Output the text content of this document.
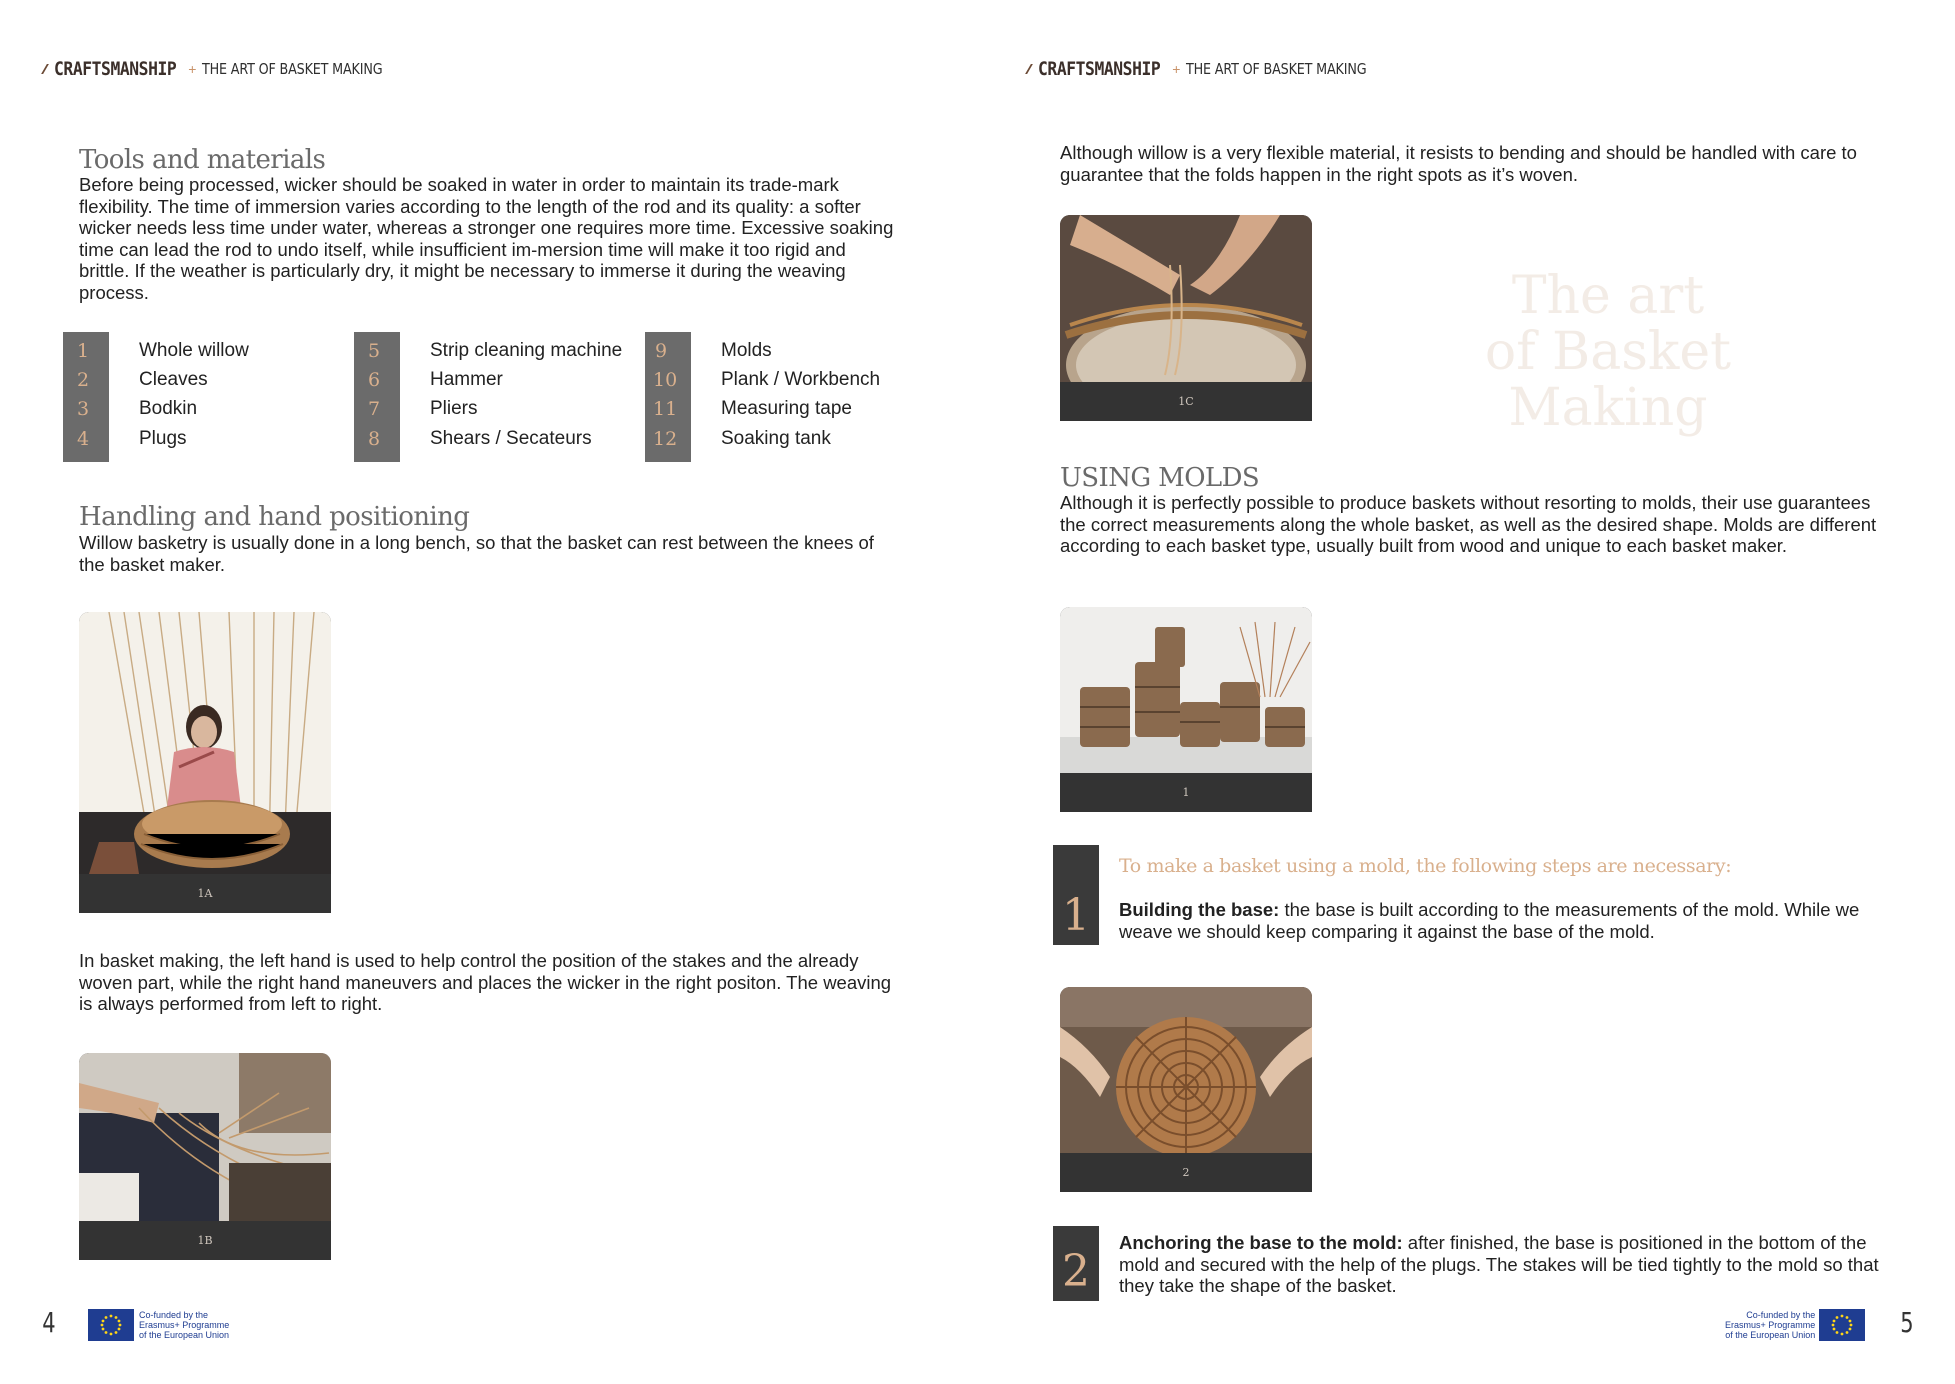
CRAFTSMANSHIP + THE ART OF BASKET MAKING
Tools and materials

Before being processed, wicker should be soaked in water in order to maintain its trade-mark flexibility. The time of immersion varies according to the length of the rod and its quality: a softer wicker needs less time under water, whereas a stronger one requires more time. Excessive soaking time can lead the rod to undo itself, while insufficient im-mersion time will make it too rigid and brittle. If the weather is particularly dry, it might be necessary to immerse it during the weaving process.

1	Whole willow
2	Cleaves
3	Bodkin
4	Plugs
5	Strip cleaning machine
6	Hammer
7	Pliers
8	Shears / Secateurs
9	Molds
10 Plank / Workbench
11 Measuring tape
12 Soaking tank
Handling and hand positioning

Willow basketry is usually done in a long bench, so that the basket can rest between the knees of the basket maker.

1A

In basket making, the left hand is used to help control the position of the stakes and the already woven part, while the right hand maneuvers and places the wicker in the right positon. The weaving is always performed from left to right.

1B
4	Co-funded by the
Erasmus+ Programme
of the European Union
CRAFTSMANSHIP + THE ART OF BASKET MAKING

Although willow is a very flexible material, it resists to bending and should be handled with care to guarantee that the folds happen in the right spots as it’s woven.

1C
The art
of Basket Making
USING MOLDS

Although it is perfectly possible to produce baskets without resorting to molds, their use guarantees the correct measurements along the whole basket, as well as the desired shape. Molds are different according to each basket type, usually built from wood and unique to each basket maker.

1
1
To make a basket using a mold, the following steps are necessary:

Building the base: the base is built according to the measurements of the mold. While we weave we should keep comparing it against the base of the mold.

2
2

Anchoring the base to the mold: after finished, the base is positioned in the bottom of the mold and secured with the help of the plugs. The stakes will be tied tightly to the mold so that they take the shape of the basket.

Co-funded by the
Erasmus+ Programme
of the European Union	5
